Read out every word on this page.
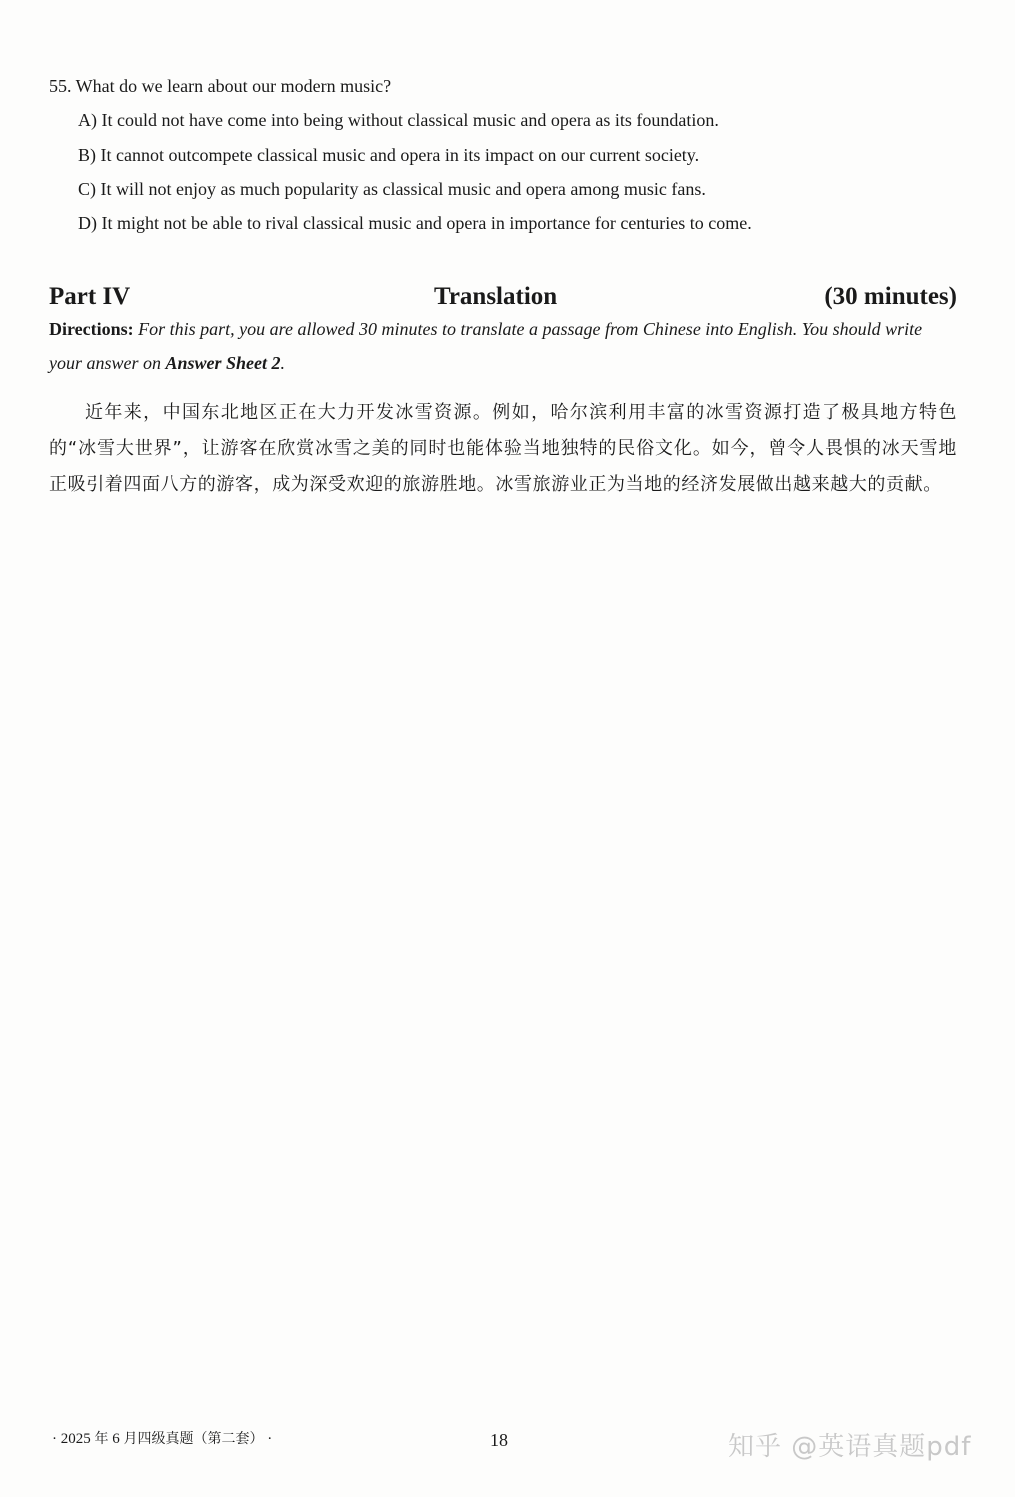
55. What do we learn about our modern music?
A) It could not have come into being without classical music and opera as its foundation.
B) It cannot outcompete classical music and opera in its impact on our current society.
C) It will not enjoy as much popularity as classical music and opera among music fans.
D) It might not be able to rival classical music and opera in importance for centuries to come.
Part IV	Translation	(30 minutes)
Directions: For this part, you are allowed 30 minutes to translate a passage from Chinese into English. You should write your answer on Answer Sheet 2.
近年来，中国东北地区正在大力开发冰雪资源。例如，哈尔滨利用丰富的冰雪资源打造了极具地方特色的“冰雪大世界”，让游客在欣赏冰雪之美的同时也能体验当地独特的民俗文化。如今，曾令人畏惧的冰天雪地正吸引着四面八方的游客，成为深受欢迎的旅游胜地。冰雪旅游业正为当地的经济发展做出越来越大的贡献。
· 2025 年 6 月四级真题（第二套） ·	18	知乎 @英语真题pdf
